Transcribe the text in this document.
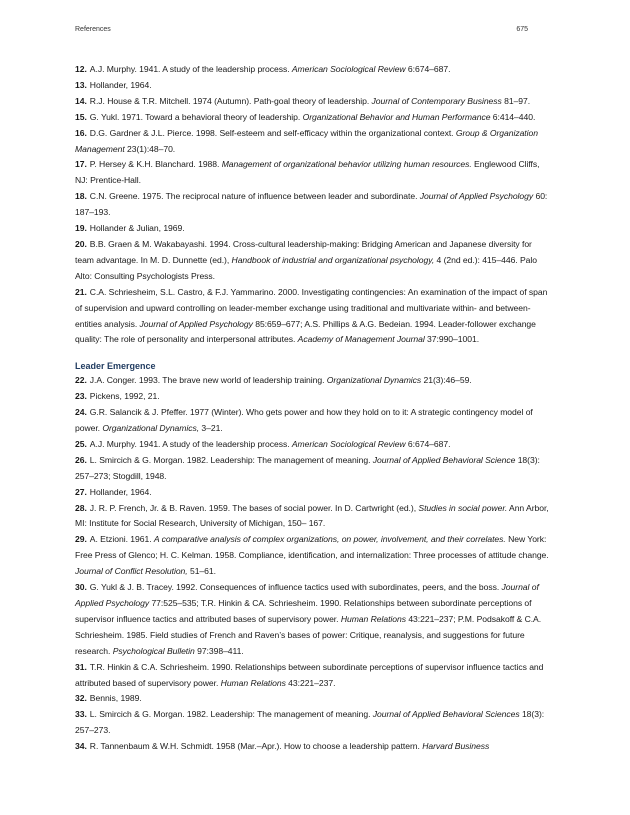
References	675

12. A.J. Murphy. 1941. A study of the leadership process. American Sociological Review 6:674–687.

13. Hollander, 1964.

14. R.J. House & T.R. Mitchell. 1974 (Autumn). Path-goal theory of leadership. Journal of Contemporary Business 81–97.

15. G. Yukl. 1971. Toward a behavioral theory of leadership. Organizational Behavior and Human Performance 6:414–440.

16. D.G. Gardner & J.L. Pierce. 1998. Self-esteem and self-efficacy within the organizational context. Group & Organization Management 23(1):48–70.

17. P. Hersey & K.H. Blanchard. 1988. Management of organizational behavior utilizing human resources. Englewood Cliffs, NJ: Prentice-Hall.

18. C.N. Greene. 1975. The reciprocal nature of influence between leader and subordinate. Journal of Applied Psychology 60: 187–193.

19. Hollander & Julian, 1969.

20. B.B. Graen & M. Wakabayashi. 1994. Cross-cultural leadership-making: Bridging American and Japanese diversity for team advantage. In M. D. Dunnette (ed.), Handbook of industrial and organizational psychology, 4 (2nd ed.): 415–446. Palo Alto: Consulting Psychologists Press.

21. C.A. Schriesheim, S.L. Castro, & F.J. Yammarino. 2000. Investigating contingencies: An examination of the impact of span of supervision and upward controlling on leader-member exchange using traditional and multivariate within- and between-entities analysis. Journal of Applied Psychology 85:659–677; A.S. Phillips & A.G. Bedeian. 1994. Leader-follower exchange quality: The role of personality and interpersonal attributes. Academy of Management Journal 37:990–1001.

Leader Emergence

22. J.A. Conger. 1993. The brave new world of leadership training. Organizational Dynamics 21(3):46–59.

23. Pickens, 1992, 21.

24. G.R. Salancik & J. Pfeffer. 1977 (Winter). Who gets power and how they hold on to it: A strategic contingency model of power. Organizational Dynamics, 3–21.

25. A.J. Murphy. 1941. A study of the leadership process. American Sociological Review 6:674–687.

26. L. Smircich & G. Morgan. 1982. Leadership: The management of meaning. Journal of Applied Behavioral Science 18(3): 257–273; Stogdill, 1948.

27. Hollander, 1964.

28. J. R. P. French, Jr. & B. Raven. 1959. The bases of social power. In D. Cartwright (ed.), Studies in social power. Ann Arbor, MI: Institute for Social Research, University of Michigan, 150– 167.

29. A. Etzioni. 1961. A comparative analysis of complex organizations, on power, involvement, and their correlates. New York: Free Press of Glenco; H. C. Kelman. 1958. Compliance, identification, and internalization: Three processes of attitude change. Journal of Conflict Resolution, 51–61.

30. G. Yukl & J. B. Tracey. 1992. Consequences of influence tactics used with subordinates, peers, and the boss. Journal of Applied Psychology 77:525–535; T.R. Hinkin & CA. Schriesheim. 1990. Relationships between subordinate perceptions of supervisor influence tactics and attributed bases of supervisory power. Human Relations 43:221–237; P.M. Podsakoff & C.A. Schriesheim. 1985. Field studies of French and Raven’s bases of power: Critique, reanalysis, and suggestions for future research. Psychological Bulletin 97:398–411.

31. T.R. Hinkin & C.A. Schriesheim. 1990. Relationships between subordinate perceptions of supervisor influence tactics and attributed based of supervisory power. Human Relations 43:221–237.

32. Bennis, 1989.

33. L. Smircich & G. Morgan. 1982. Leadership: The management of meaning. Journal of Applied Behavioral Sciences 18(3): 257–273.

34. R. Tannenbaum & W.H. Schmidt. 1958 (Mar.–Apr.). How to choose a leadership pattern. Harvard Business
